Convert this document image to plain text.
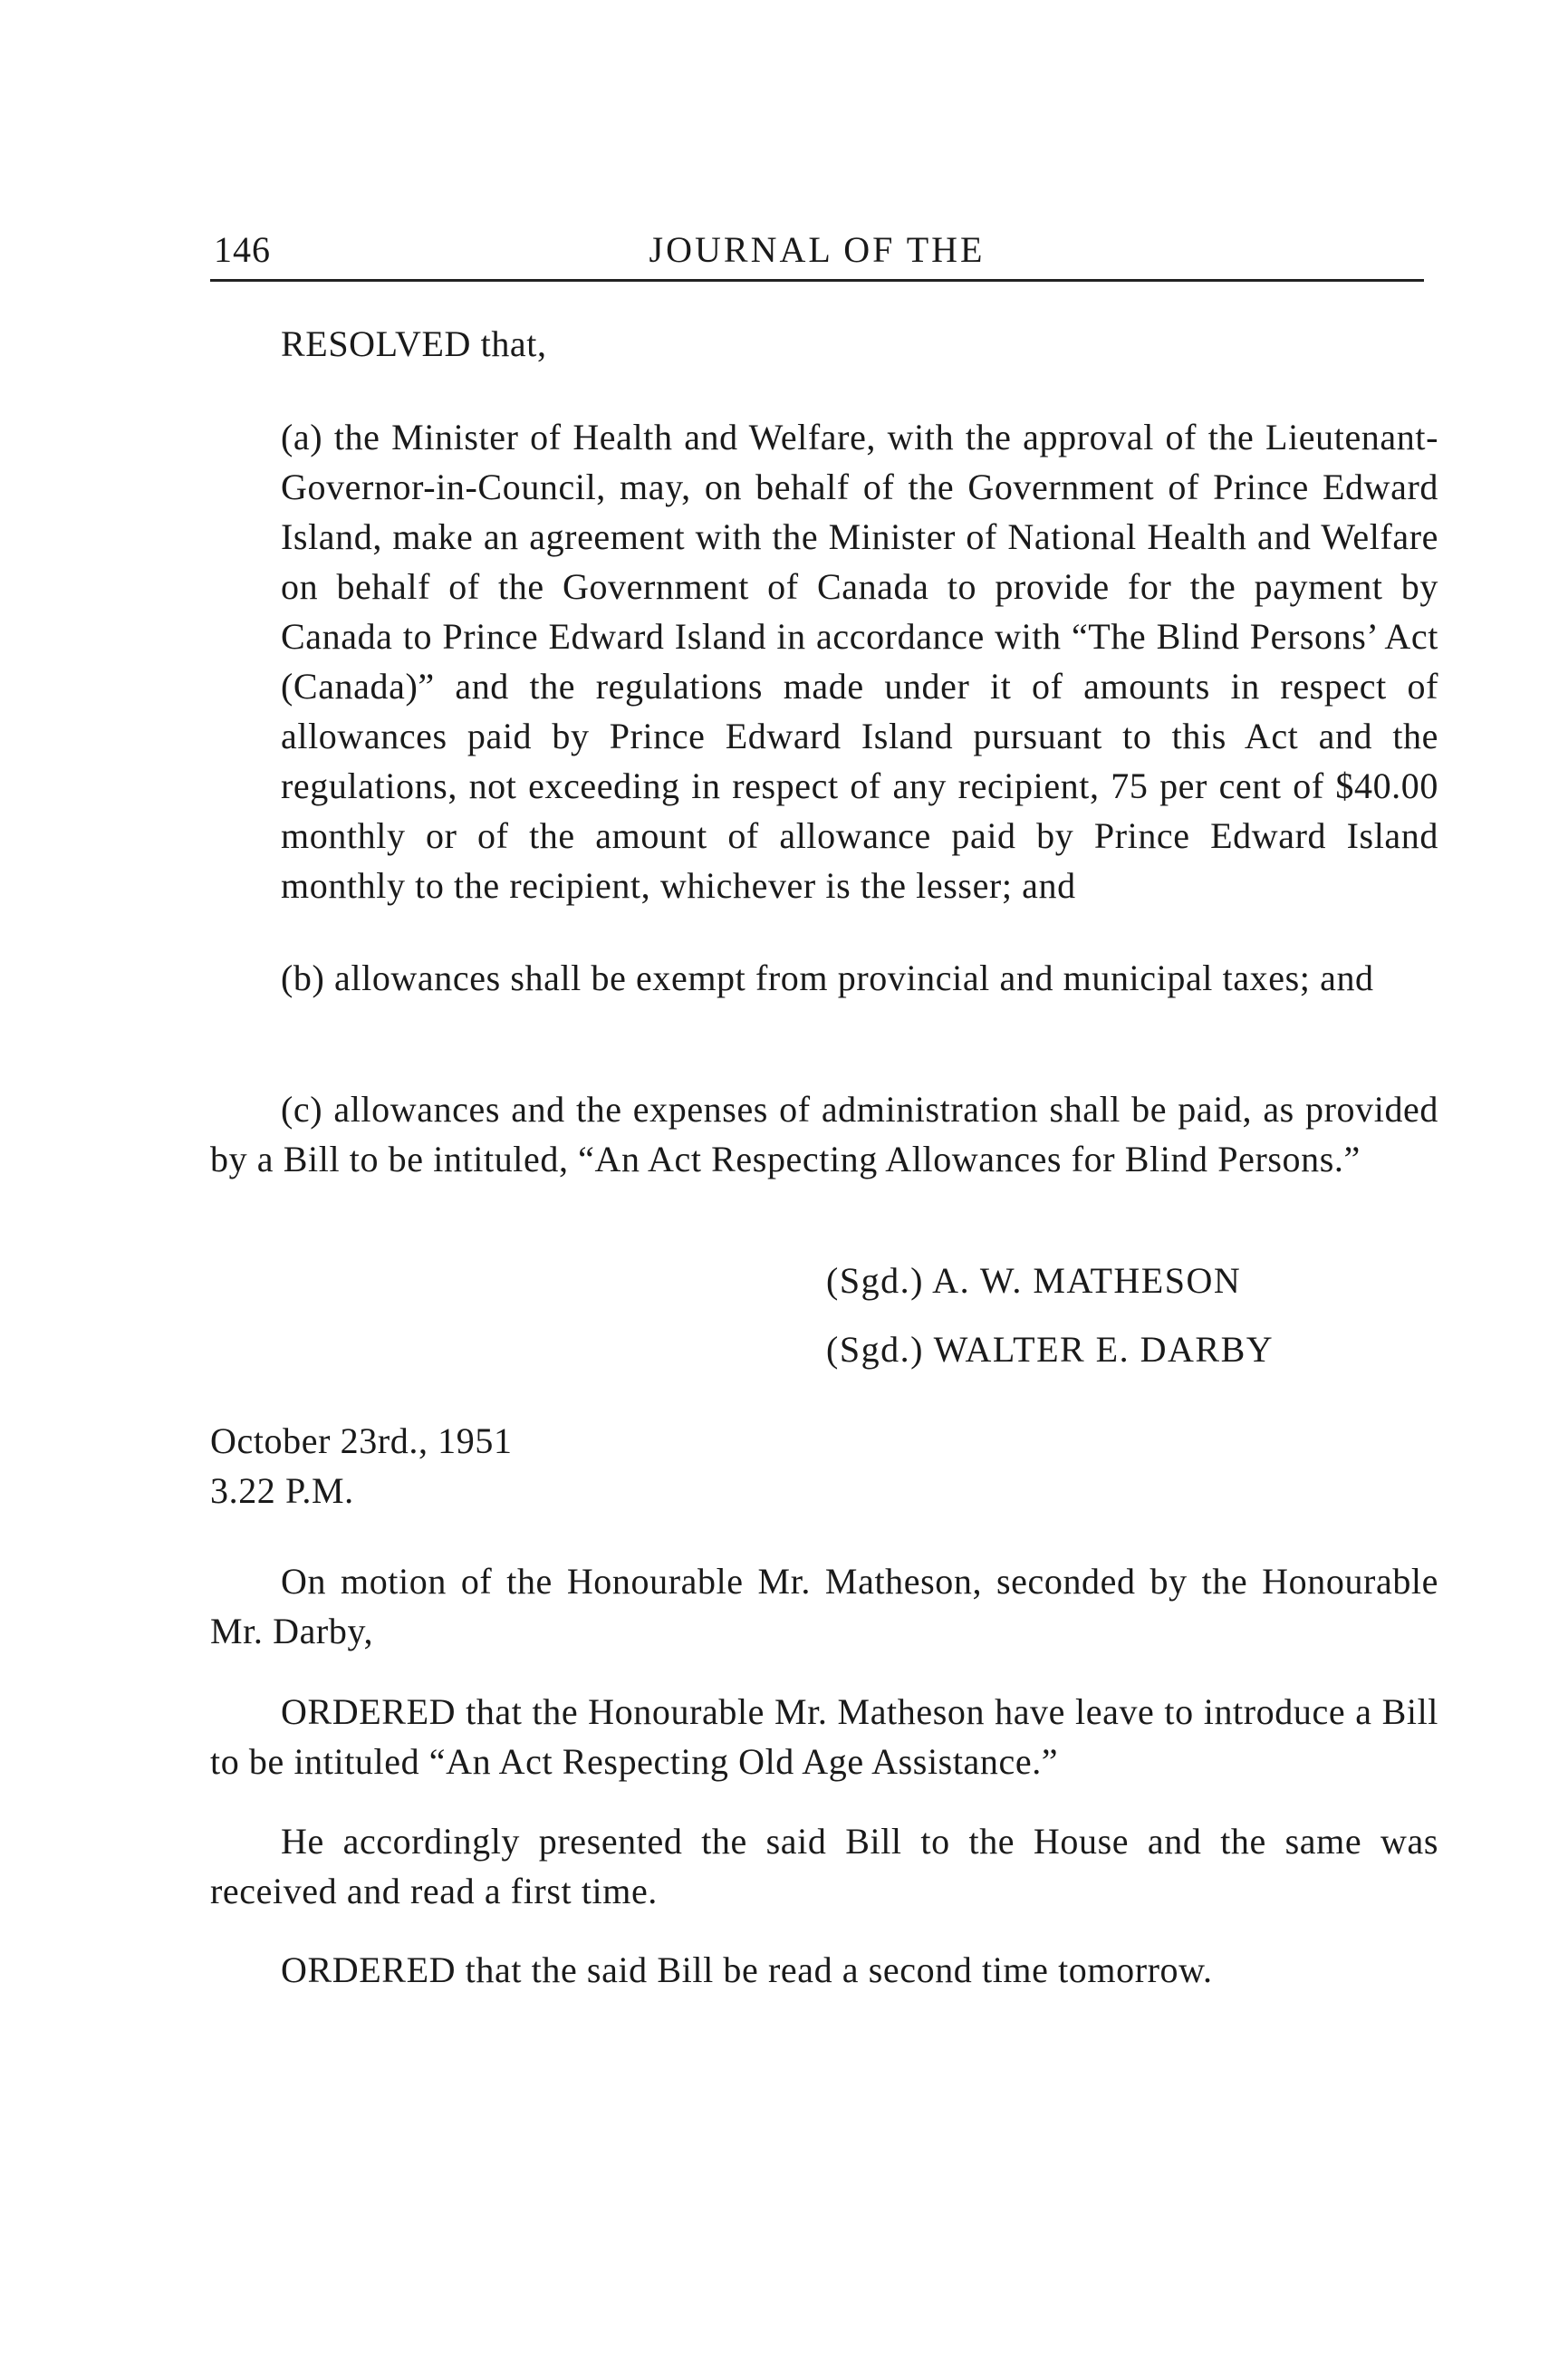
146	JOURNAL OF THE
RESOLVED that,
(a) the Minister of Health and Welfare, with the approval of the Lieutenant-Governor-in-Council, may, on behalf of the Government of Prince Edward Island, make an agreement with the Minister of National Health and Welfare on behalf of the Government of Canada to provide for the payment by Canada to Prince Edward Island in accordance with “The Blind Persons’ Act (Canada)” and the regulations made under it of amounts in respect of allowances paid by Prince Edward Island pursuant to this Act and the regulations, not exceeding in respect of any recipient, 75 per cent of $40.00 monthly or of the amount of allowance paid by Prince Edward Island monthly to the recipient, whichever is the lesser; and
(b) allowances shall be exempt from provincial and municipal taxes; and
(c) allowances and the expenses of administration shall be paid, as provided by a Bill to be intituled, “An Act Respecting Allowances for Blind Persons.”
(Sgd.) A. W. MATHESON
(Sgd.) WALTER E. DARBY
October 23rd., 1951
3.22 P.M.
On motion of the Honourable Mr. Matheson, seconded by the Honourable Mr. Darby,
ORDERED that the Honourable Mr. Matheson have leave to introduce a Bill to be intituled “An Act Respecting Old Age Assistance.”
He accordingly presented the said Bill to the House and the same was received and read a first time.
ORDERED that the said Bill be read a second time tomorrow.
